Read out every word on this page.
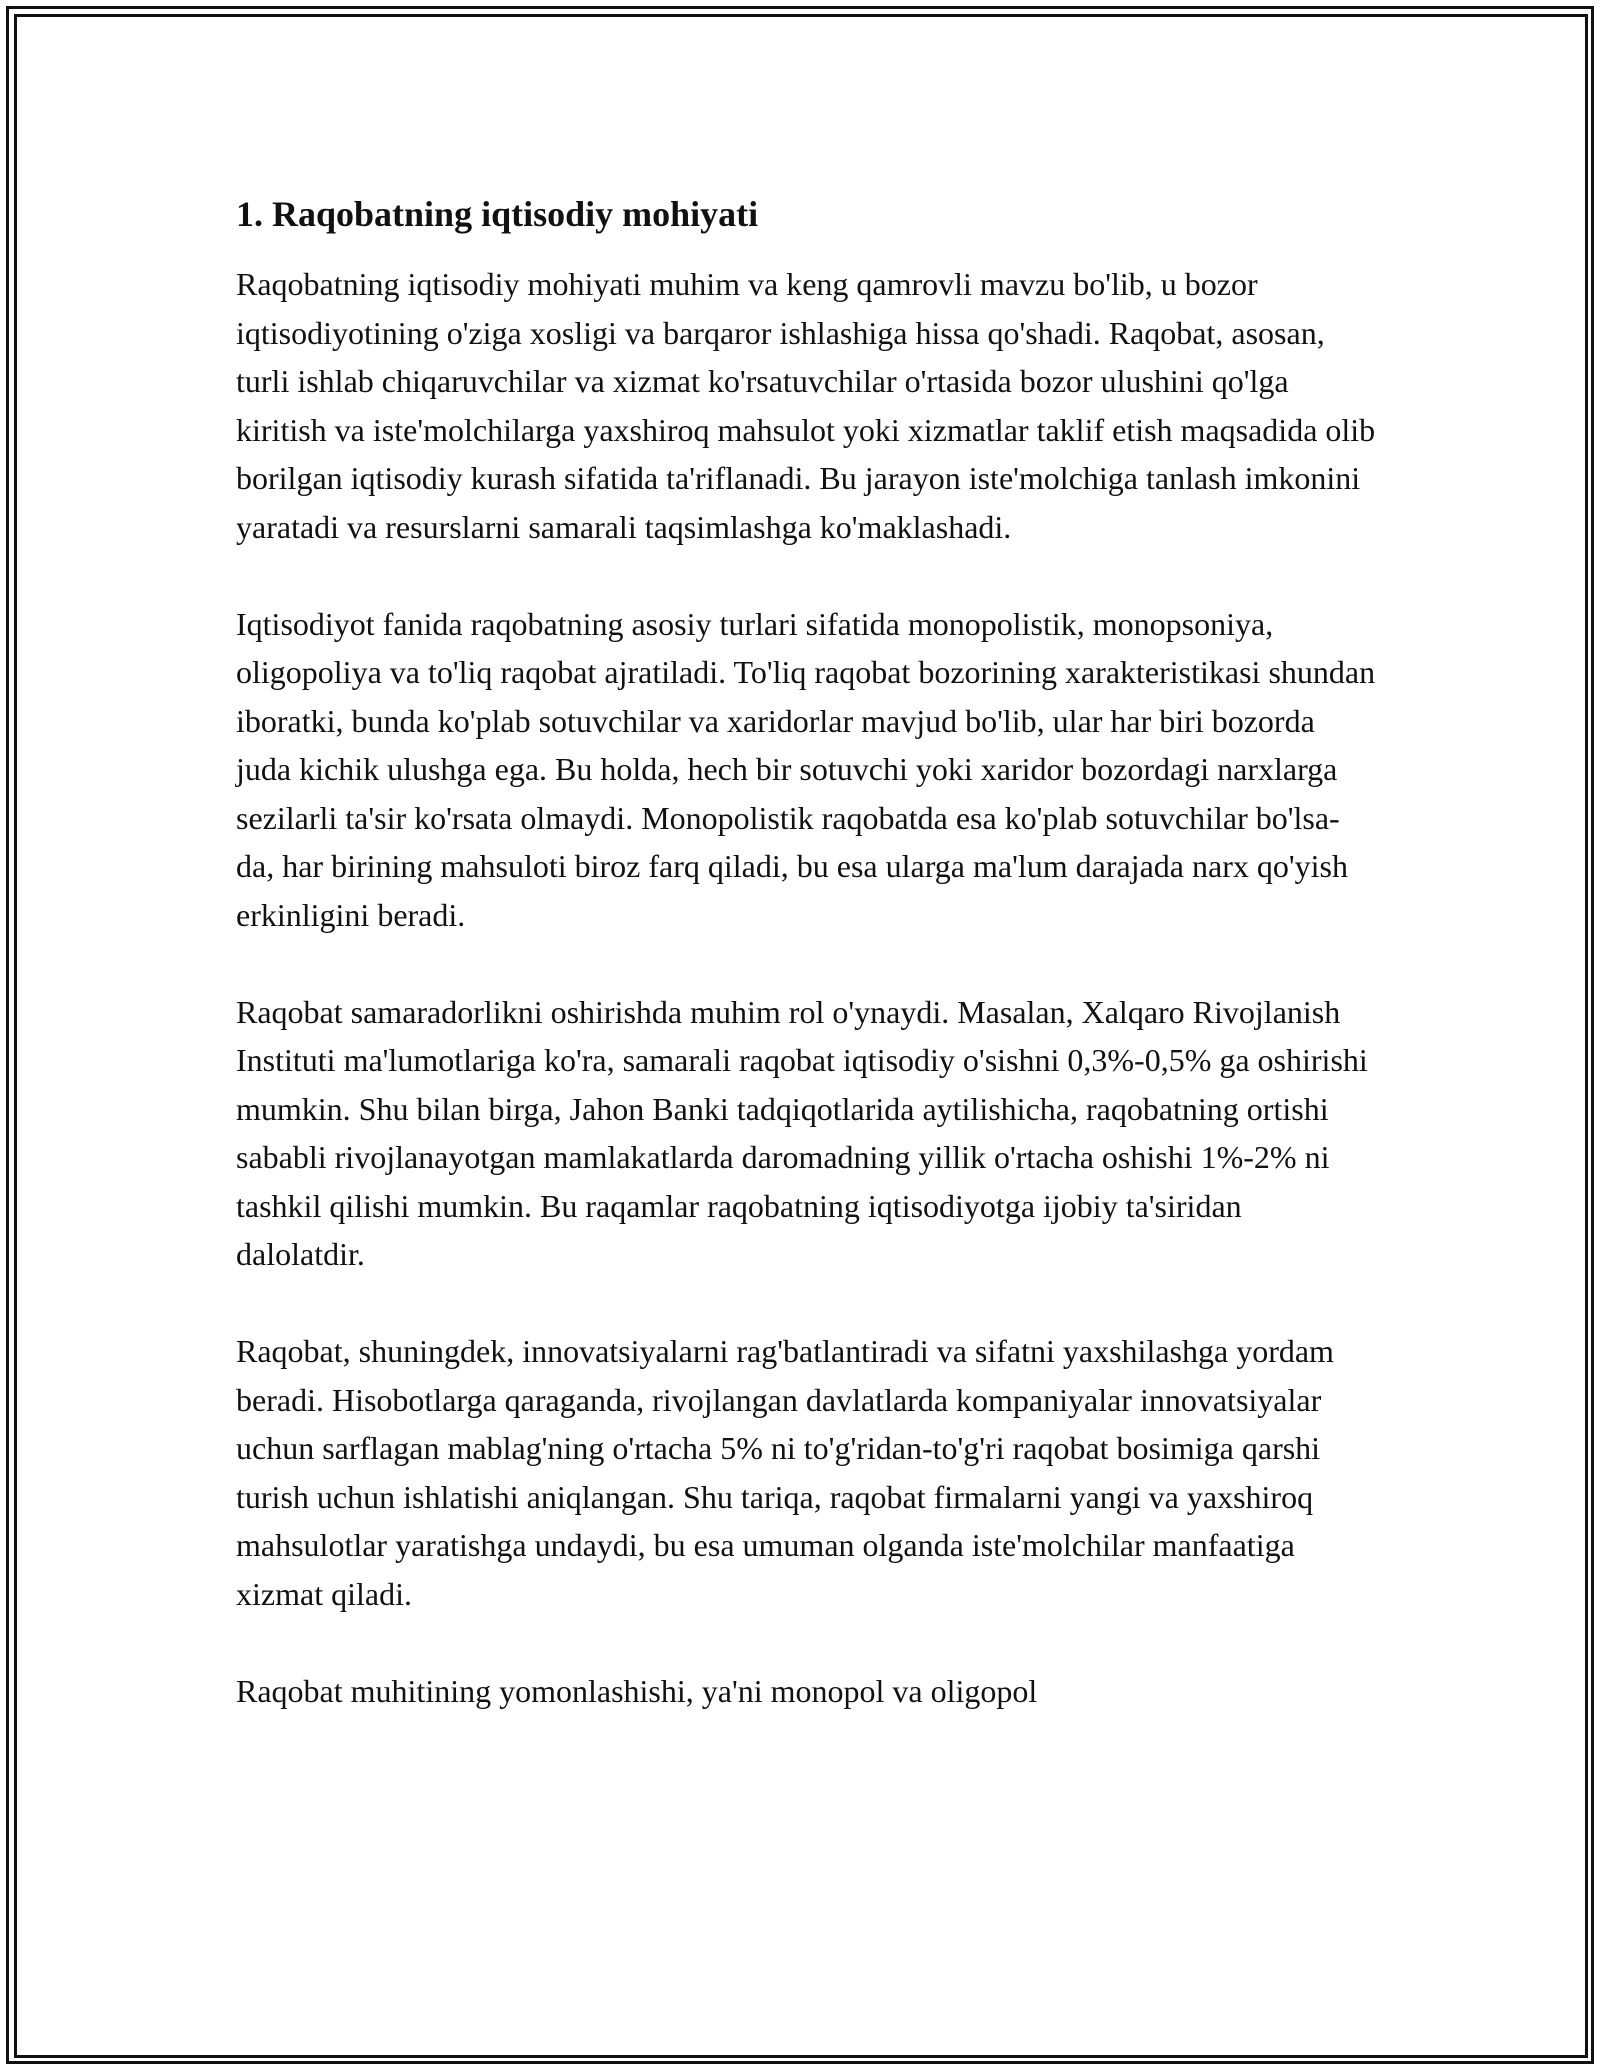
1. Raqobatning iqtisodiy mohiyati

Raqobatning iqtisodiy mohiyati muhim va keng qamrovli mavzu bo'lib, u bozor iqtisodiyotining o'ziga xosligi va barqaror ishlashiga hissa qo'shadi. Raqobat, asosan, turli ishlab chiqaruvchilar va xizmat ko'rsatuvchilar o'rtasida bozor ulushini qo'lga kiritish va iste'molchilarga yaxshiroq mahsulot yoki xizmatlar taklif etish maqsadida olib borilgan iqtisodiy kurash sifatida ta'riflanadi. Bu jarayon iste'molchiga tanlash imkonini yaratadi va resurslarni samarali taqsimlashga ko'maklashadi.

Iqtisodiyot fanida raqobatning asosiy turlari sifatida monopolistik, monopsoniya, oligopoliya va to'liq raqobat ajratiladi. To'liq raqobat bozorining xarakteristikasi shundan iboratki, bunda ko'plab sotuvchilar va xaridorlar mavjud bo'lib, ular har biri bozorda juda kichik ulushga ega. Bu holda, hech bir sotuvchi yoki xaridor bozordagi narxlarga sezilarli ta'sir ko'rsata olmaydi. Monopolistik raqobatda esa ko'plab sotuvchilar bo'lsa-da, har birining mahsuloti biroz farq qiladi, bu esa ularga ma'lum darajada narx qo'yish erkinligini beradi.

Raqobat samaradorlikni oshirishda muhim rol o'ynaydi. Masalan, Xalqaro Rivojlanish Instituti ma'lumotlariga ko'ra, samarali raqobat iqtisodiy o'sishni 0,3%-0,5% ga oshirishi mumkin. Shu bilan birga, Jahon Banki tadqiqotlarida aytilishicha, raqobatning ortishi sababli rivojlanayotgan mamlakatlarda daromadning yillik o'rtacha oshishi 1%-2% ni tashkil qilishi mumkin. Bu raqamlar raqobatning iqtisodiyotga ijobiy ta'siridan dalolatdir.

Raqobat, shuningdek, innovatsiyalarni rag'batlantiradi va sifatni yaxshilashga yordam beradi. Hisobotlarga qaraganda, rivojlangan davlatlarda kompaniyalar innovatsiyalar uchun sarflagan mablag'ning o'rtacha 5% ni to'g'ridan-to'g'ri raqobat bosimiga qarshi turish uchun ishlatishi aniqlangan. Shu tariqa, raqobat firmalarni yangi va yaxshiroq mahsulotlar yaratishga undaydi, bu esa umuman olganda iste'molchilar manfaatiga xizmat qiladi.

Raqobat muhitining yomonlashishi, ya'ni monopol va oligopol
